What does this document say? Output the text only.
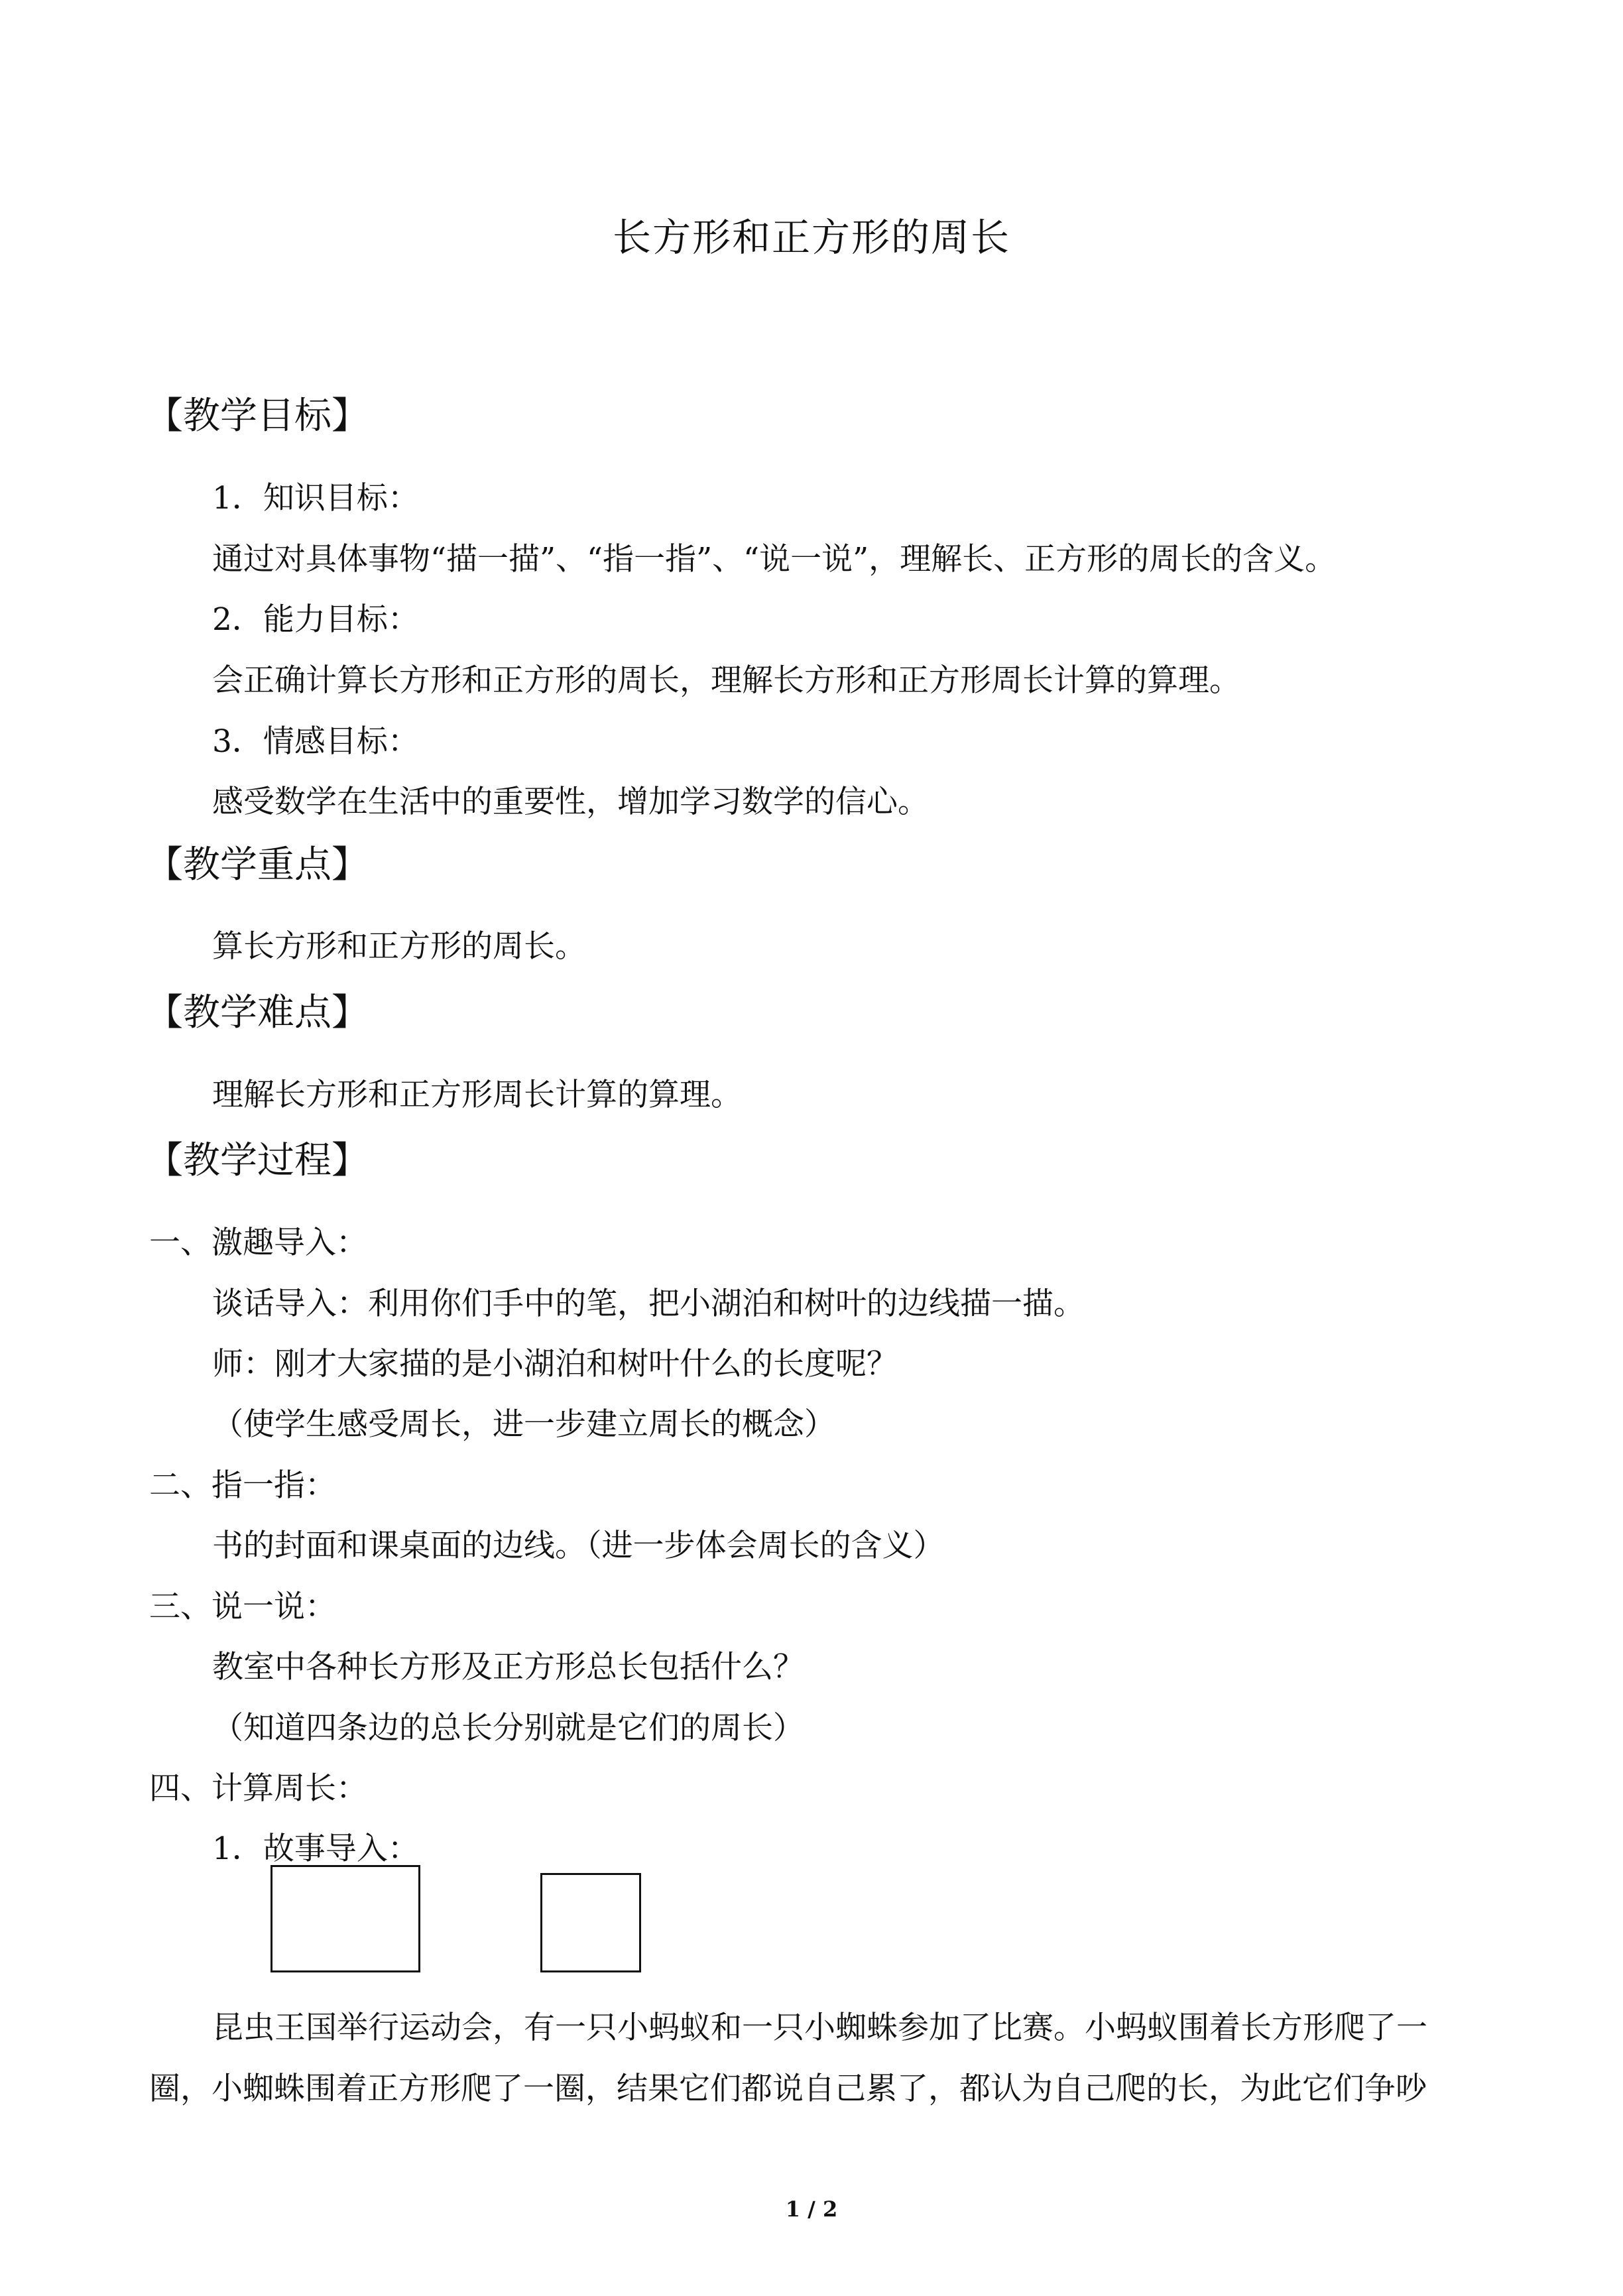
长方形和正方形的周长
【教学目标】
1．知识目标：
通过对具体事物“描一描”、“指一指”、“说一说”，理解长、正方形的周长的含义。
2．能力目标：
会正确计算长方形和正方形的周长，理解长方形和正方形周长计算的算理。
3．情感目标：
感受数学在生活中的重要性，增加学习数学的信心。
【教学重点】
算长方形和正方形的周长。
【教学难点】
理解长方形和正方形周长计算的算理。
【教学过程】
一、激趣导入：
谈话导入：利用你们手中的笔，把小湖泊和树叶的边线描一描。
师：刚才大家描的是小湖泊和树叶什么的长度呢？
（使学生感受周长，进一步建立周长的概念）
二、指一指：
书的封面和课桌面的边线。（进一步体会周长的含义）
三、说一说：
教室中各种长方形及正方形总长包括什么？
（知道四条边的总长分别就是它们的周长）
四、计算周长：
1．故事导入：
昆虫王国举行运动会，有一只小蚂蚁和一只小蜘蛛参加了比赛。小蚂蚁围着长方形爬了一
圈，小蜘蛛围着正方形爬了一圈，结果它们都说自己累了，都认为自己爬的长，为此它们争吵
1 / 2
